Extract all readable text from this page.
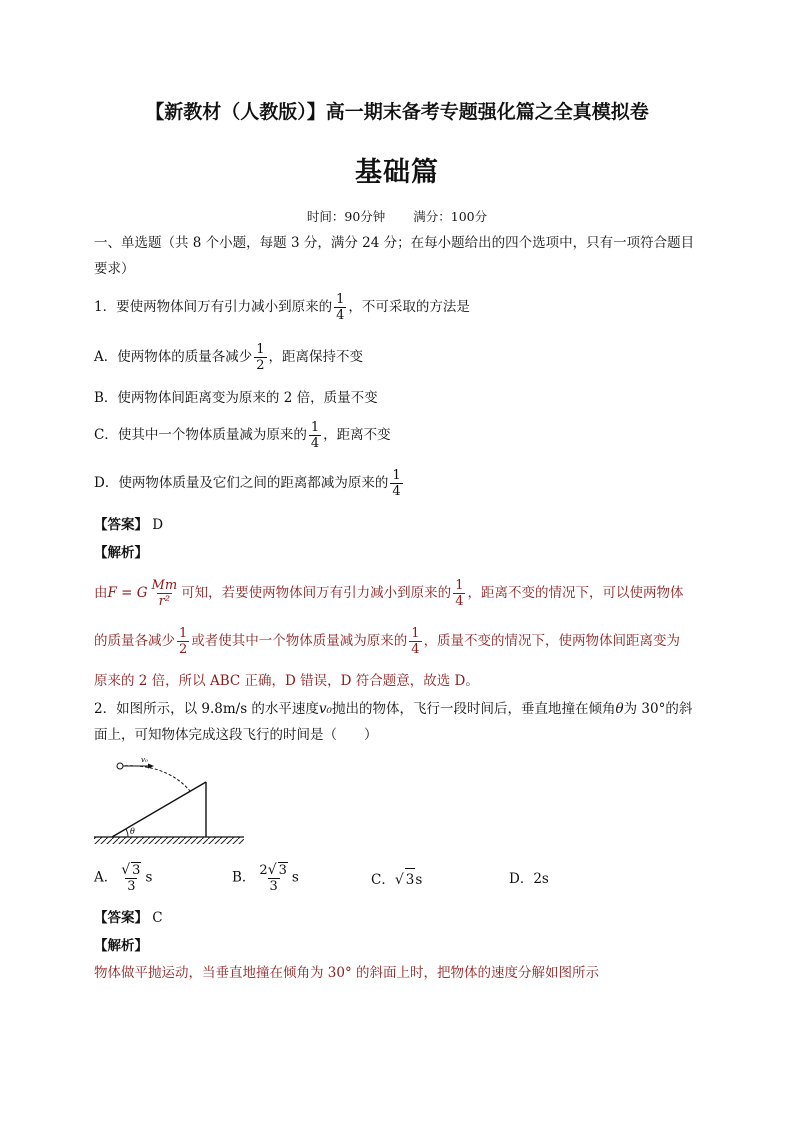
【新教材（人教版）】高一期末备考专题强化篇之全真模拟卷
基础篇
时间：90分钟 满分：100分
一、单选题（共 8 个小题，每题 3 分，满分 24 分；在每小题给出的四个选项中，只有一项符合题目
要求）
1．要使两物体间万有引力减小到原来的 $\frac{1}{4}$ ，不可采取的方法是
A．使两物体的质量各减少 $\frac{1}{2}$ ，距离保持不变
B．使两物体间距离变为原来的 2 倍，质量不变
C．使其中一个物体质量减为原来的 $\frac{1}{4}$ ，距离不变
D．使两物体质量及它们之间的距离都减为原来的 $\frac{1}{4}$
【答案】 D
【解析】
由F = G $\frac{Mm}{\text{r²}}$ 可知，若要使两物体间万有引力减小到原来的 $\frac{1}{4}$ ，距离不变的情况下，可以使两物体
的质量各减少 $\frac{1}{2}$ 或者使其中一个物体质量减为原来的 $\frac{1}{4}$ ，质量不变的情况下，使两物体间距离变为
原来的 2 倍，所以 ABC 正确，D 错误，D 符合题意，故选 D。
2．如图所示，以 9.8m/s 的水平速度v₀抛出的物体，飞行一段时间后，垂直地撞在倾角θ为 30°的斜
面上，可知物体完成这段飞行的时间是（　　）
v₀
θ
A． $\frac{√ 3}{3}$ s	B． $\frac{2√ 3}{3}$ s	C．√ 3s	D．2s
【答案】 C
【解析】
物体做平抛运动，当垂直地撞在倾角为 30° 的斜面上时，把物体的速度分解如图所示
